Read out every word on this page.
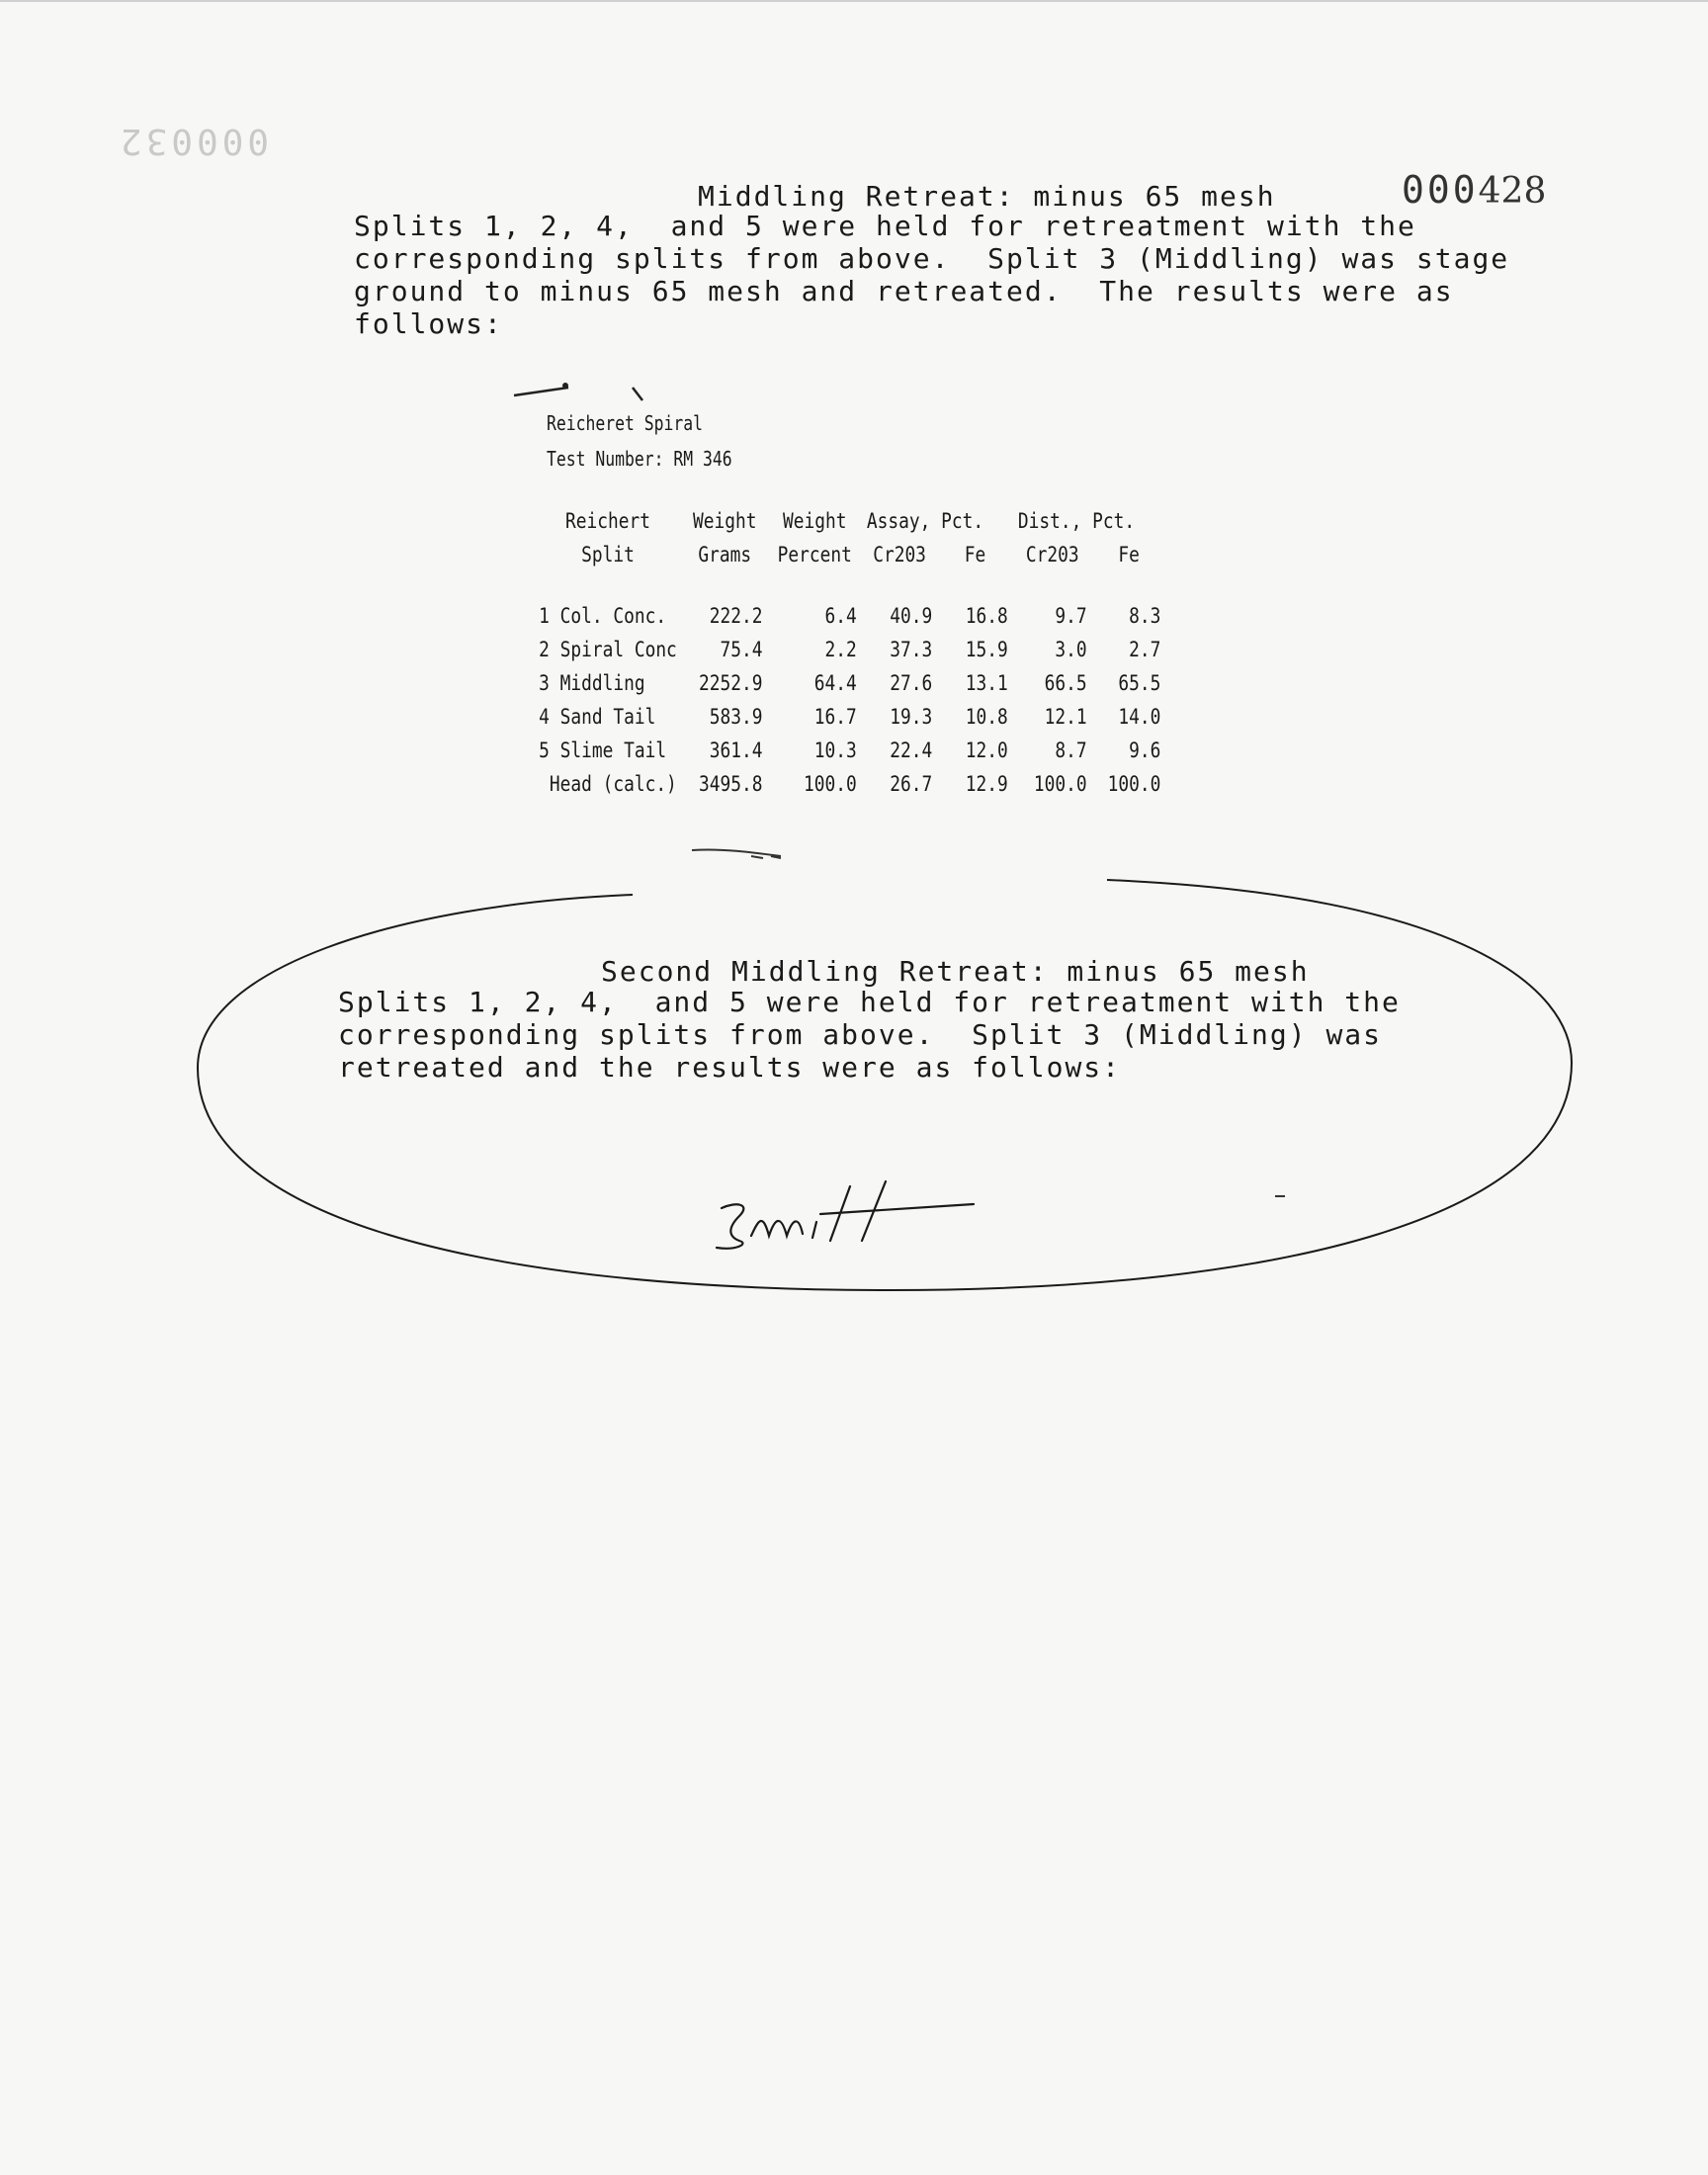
000032
000428
Middling Retreat: minus 65 mesh
Splits 1, 2, 4,  and 5 were held for retreatment with the
corresponding splits from above.  Split 3 (Middling) was stage
ground to minus 65 mesh and retreated.  The results were as
follows:
Reicheret Spiral
Test Number: RM 346
Reichert	Weight	Weight	Assay, Pct.		Dist., Pct.	
Split	Grams	Percent	Cr203	Fe	Cr203	Fe

1 Col. Conc.	222.2	6.4	40.9	16.8	9.7	8.3
2 Spiral Conc	75.4	2.2	37.3	15.9	3.0	2.7
3 Middling	2252.9	64.4	27.6	13.1	66.5	65.5
4 Sand Tail	583.9	16.7	19.3	10.8	12.1	14.0
5 Slime Tail	361.4	10.3	22.4	12.0	8.7	9.6
Head (calc.)	3495.8	100.0	26.7	12.9	100.0	100.0
Second Middling Retreat: minus 65 mesh
Splits 1, 2, 4,  and 5 were held for retreatment with the
corresponding splits from above.  Split 3 (Middling) was
retreated and the results were as follows:
